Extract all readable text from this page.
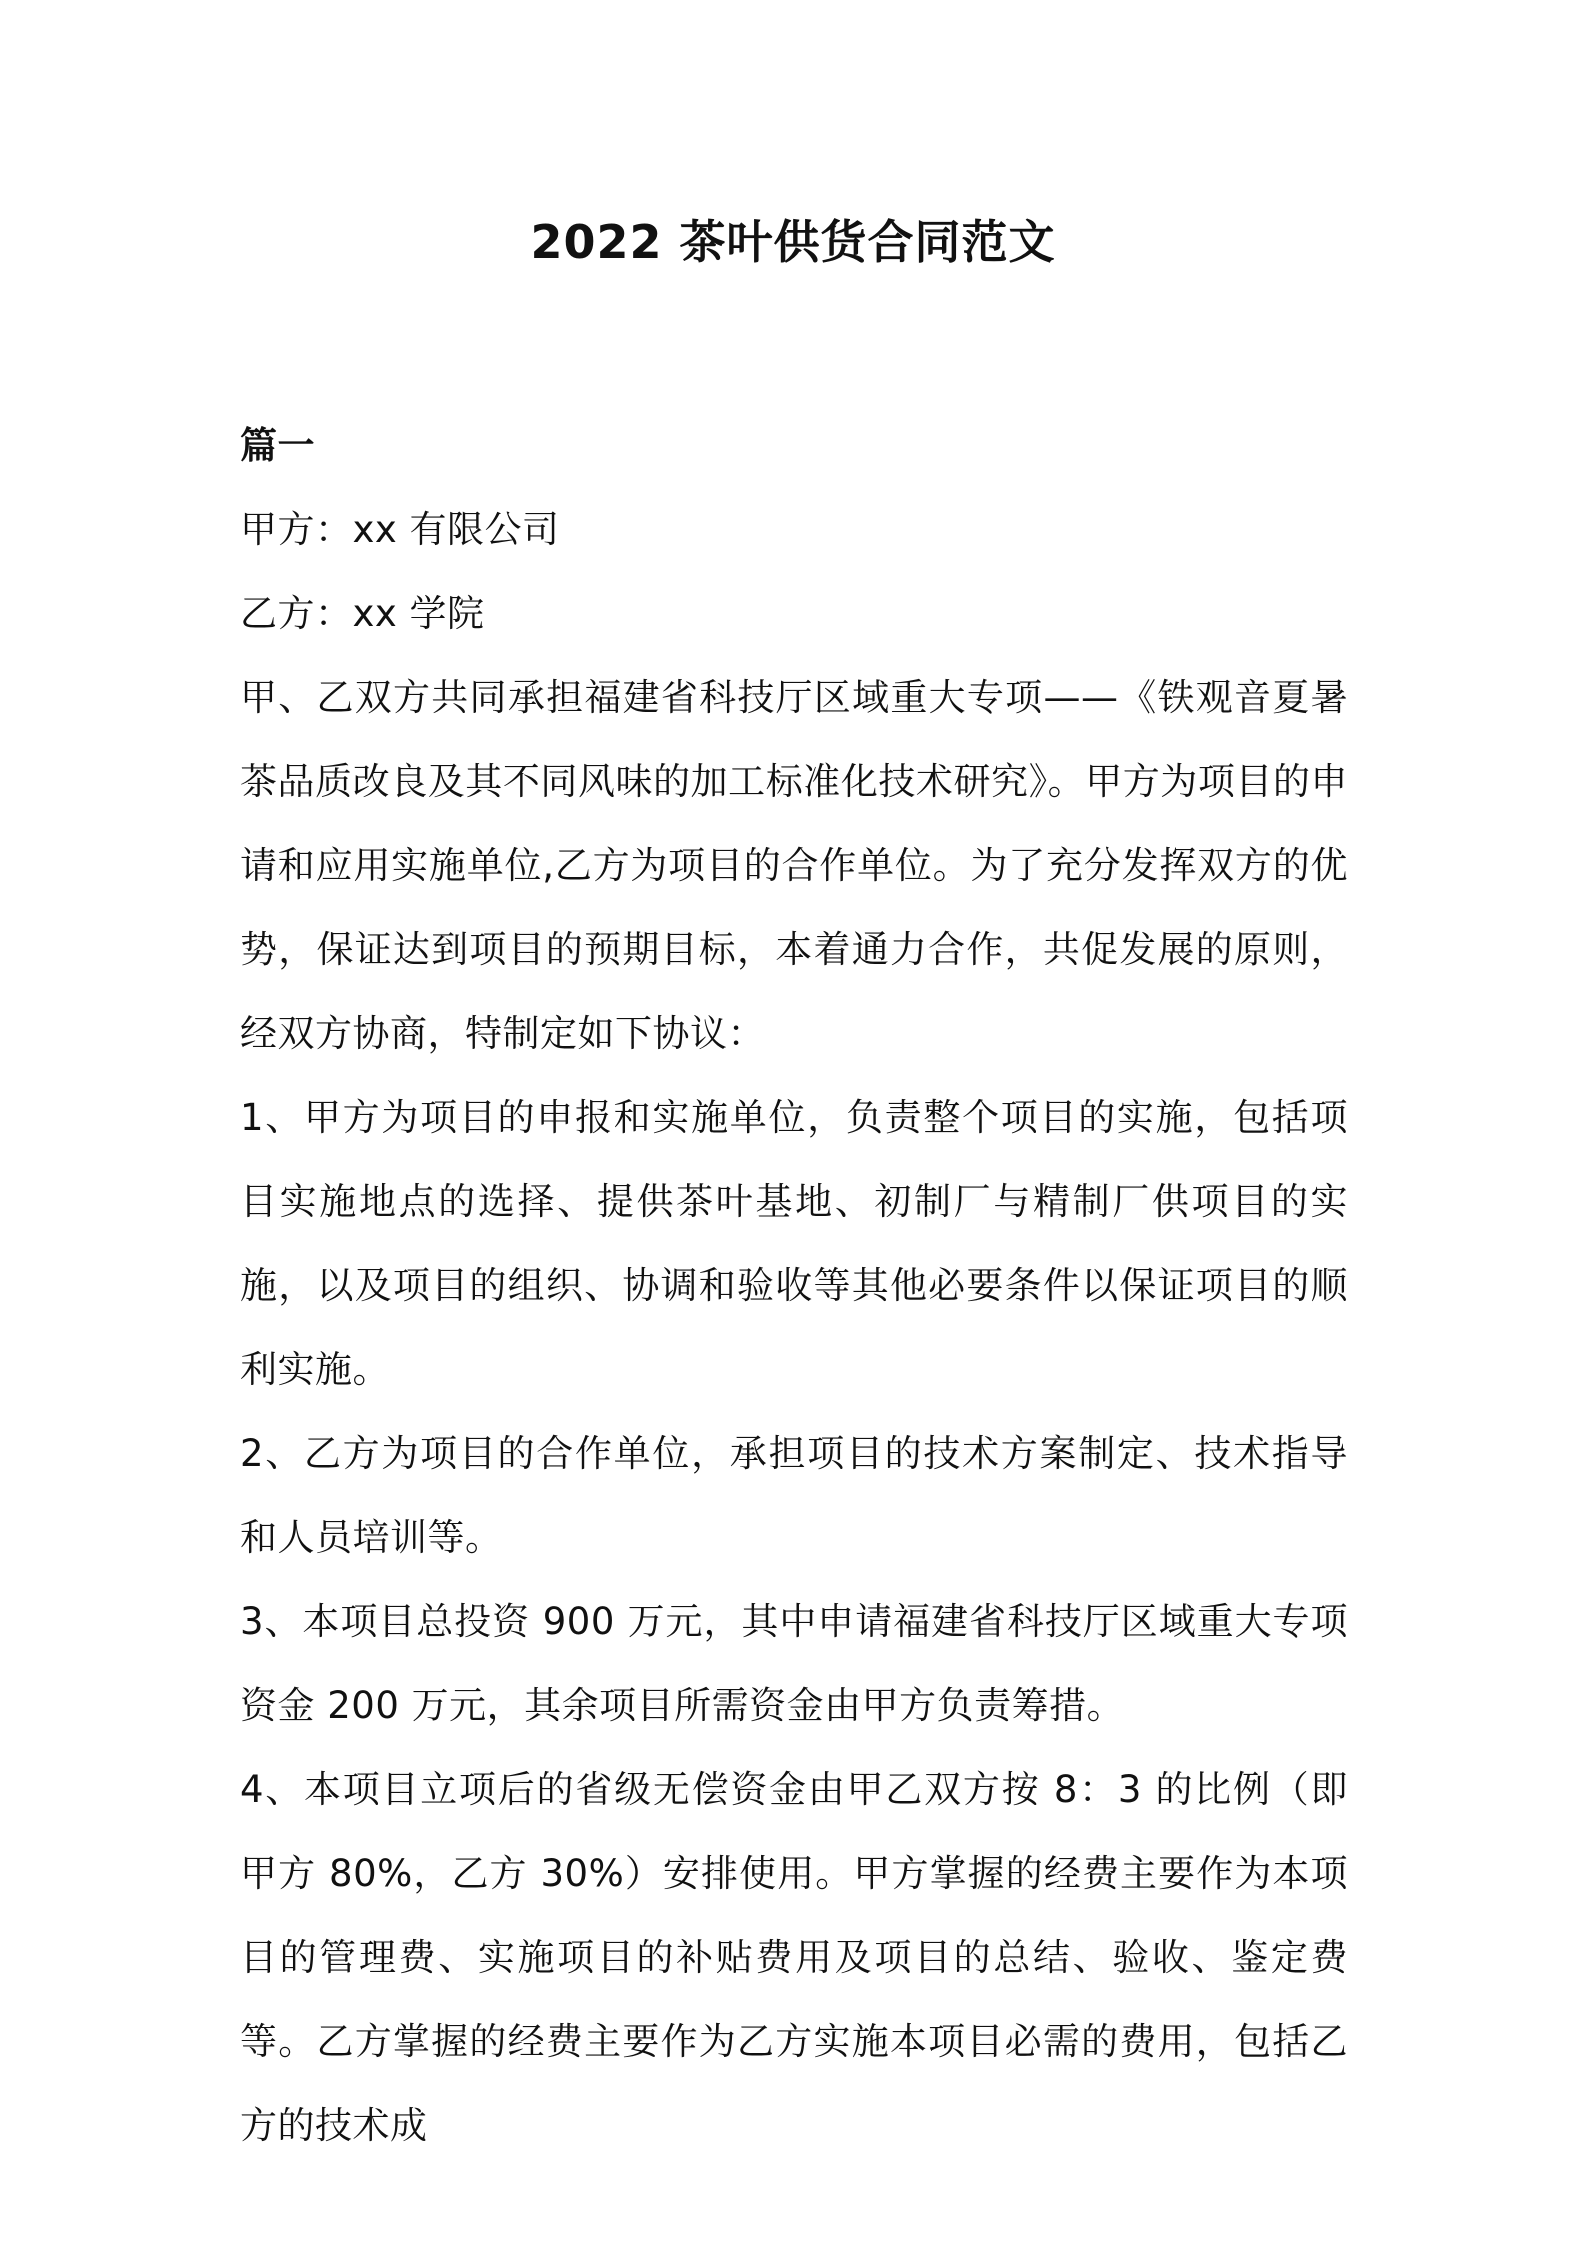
2022 茶叶供货合同范文

篇一

甲方：xx 有限公司

乙方：xx 学院

甲、乙双方共同承担福建省科技厅区域重大专项——《铁观音夏暑茶品质改良及其不同风味的加工标准化技术研究》。甲方为项目的申请和应用实施单位,乙方为项目的合作单位。为了充分发挥双方的优势，保证达到项目的预期目标，本着通力合作，共促发展的原则，经双方协商，特制定如下协议：

1、甲方为项目的申报和实施单位，负责整个项目的实施，包括项目实施地点的选择、提供茶叶基地、初制厂与精制厂供项目的实施，以及项目的组织、协调和验收等其他必要条件以保证项目的顺利实施。

2、乙方为项目的合作单位，承担项目的技术方案制定、技术指导和人员培训等。

3、本项目总投资 900 万元，其中申请福建省科技厅区域重大专项资金 200 万元，其余项目所需资金由甲方负责筹措。

4、本项目立项后的省级无偿资金由甲乙双方按 8：3 的比例（即甲方 80%，乙方 30%）安排使用。甲方掌握的经费主要作为本项目的管理费、实施项目的补贴费用及项目的总结、验收、鉴定费等。乙方掌握的经费主要作为乙方实施本项目必需的费用，包括乙方的技术成
